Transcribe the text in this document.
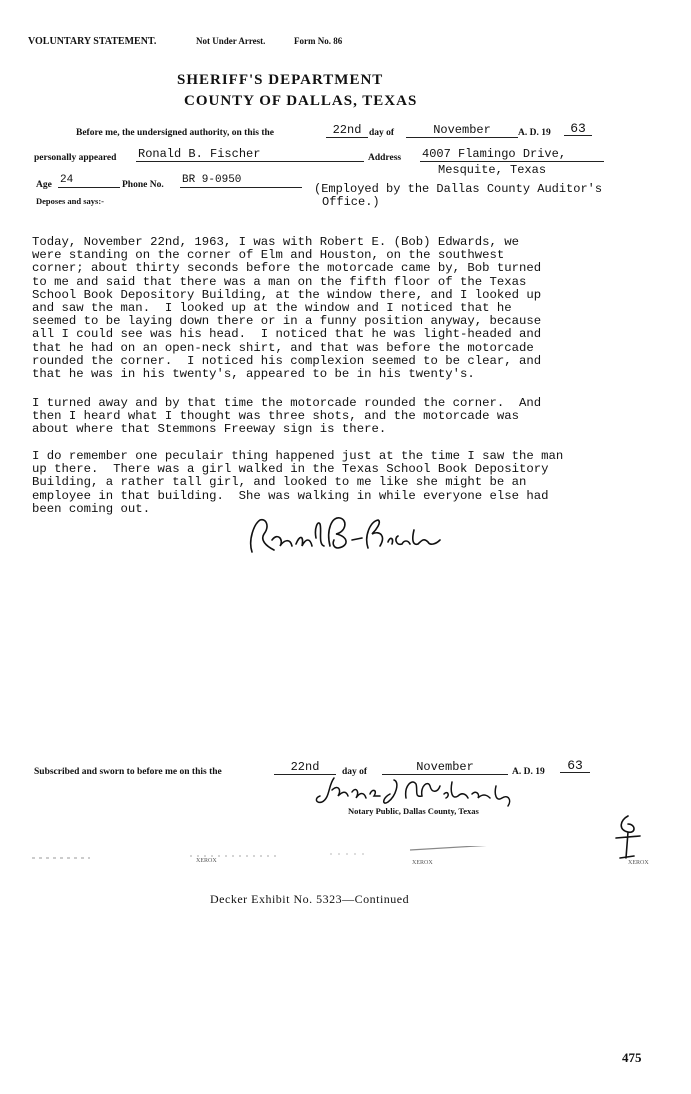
VOLUNTARY STATEMENT.	Not Under Arrest.	Form No. 86
SHERIFF'S DEPARTMENT
COUNTY OF DALLAS, TEXAS
Before me, the undersigned authority, on this the	22nd day of	November	A. D. 19	63
personally appeared Ronald B. Fischer	Address 4007 Flamingo Drive,
Mesquite, Texas
Age 24	Phone No. BR 9-0950
Deposes and says:-
(Employed by the Dallas County Auditor's
Office.)
Today, November 22nd, 1963, I was with Robert E. (Bob) Edwards, we
were standing on the corner of Elm and Houston, on the southwest
corner; about thirty seconds before the motorcade came by, Bob turned
to me and said that there was a man on the fifth floor of the Texas
School Book Depository Building, at the window there, and I looked up
and saw the man.  I looked up at the window and I noticed that he
seemed to be laying down there or in a funny position anyway, because
all I could see was his head.  I noticed that he was light-headed and
that he had on an open-neck shirt, and that was before the motorcade
rounded the corner.  I noticed his complexion seemed to be clear, and
that he was in his twenty's, appeared to be in his twenty's.
I turned away and by that time the motorcade rounded the corner.  And
then I heard what I thought was three shots, and the motorcade was
about where that Stemmons Freeway sign is there.
I do remember one peculair thing happened just at the time I saw the man
up there.  There was a girl walked in the Texas School Book Depository
Building, a rather tall girl, and looked to me like she might be an
employee in that building.  She was walking in while everyone else had
been coming out.
Subscribed and sworn to before me on this the	22nd	day of	November	A. D. 19	63
Notary Public, Dallas County, Texas
XEROX	XEROX	XEROX
Decker Exhibit No. 5323—Continued
475
